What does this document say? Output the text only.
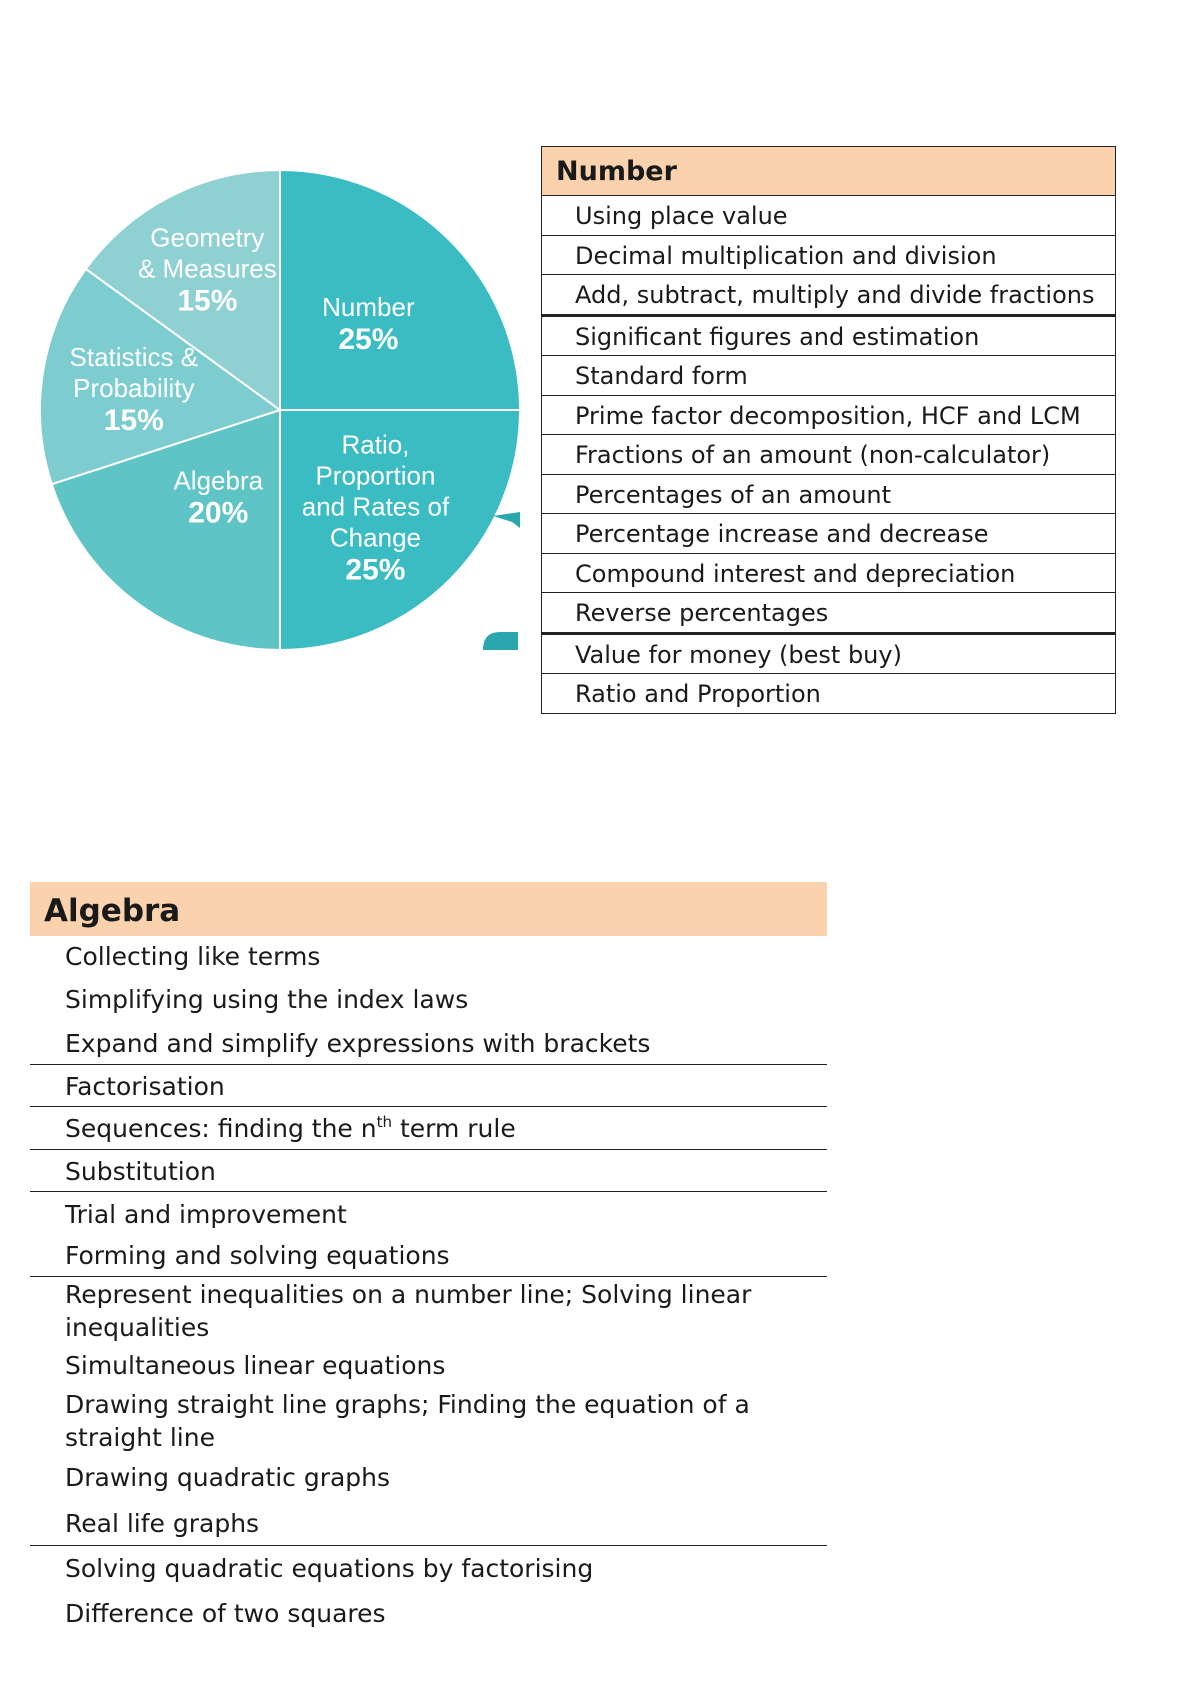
Number
25%
Ratio,
Proportion
and Rates of
Change
25%
Algebra
20%
Statistics &
Probability
15%
Geometry
& Measures
15%
Number
Using place value
Decimal multiplication and division
Add, subtract, multiply and divide fractions
Significant figures and estimation
Standard form
Prime factor decomposition, HCF and LCM
Fractions of an amount (non-calculator)
Percentages of an amount
Percentage increase and decrease
Compound interest and depreciation
Reverse percentages
Value for money (best buy)
Ratio and Proportion
Algebra
Collecting like terms
Simplifying using the index laws
Expand and simplify expressions with brackets
Factorisation
Sequences: finding the $n^{th}$ term rule
Substitution
Trial and improvement
Forming and solving equations
Represent inequalities on a number line; Solving linear inequalities
Simultaneous linear equations
Drawing straight line graphs; Finding the equation of a straight line
Drawing quadratic graphs
Real life graphs
Solving quadratic equations by factorising
Difference of two squares
